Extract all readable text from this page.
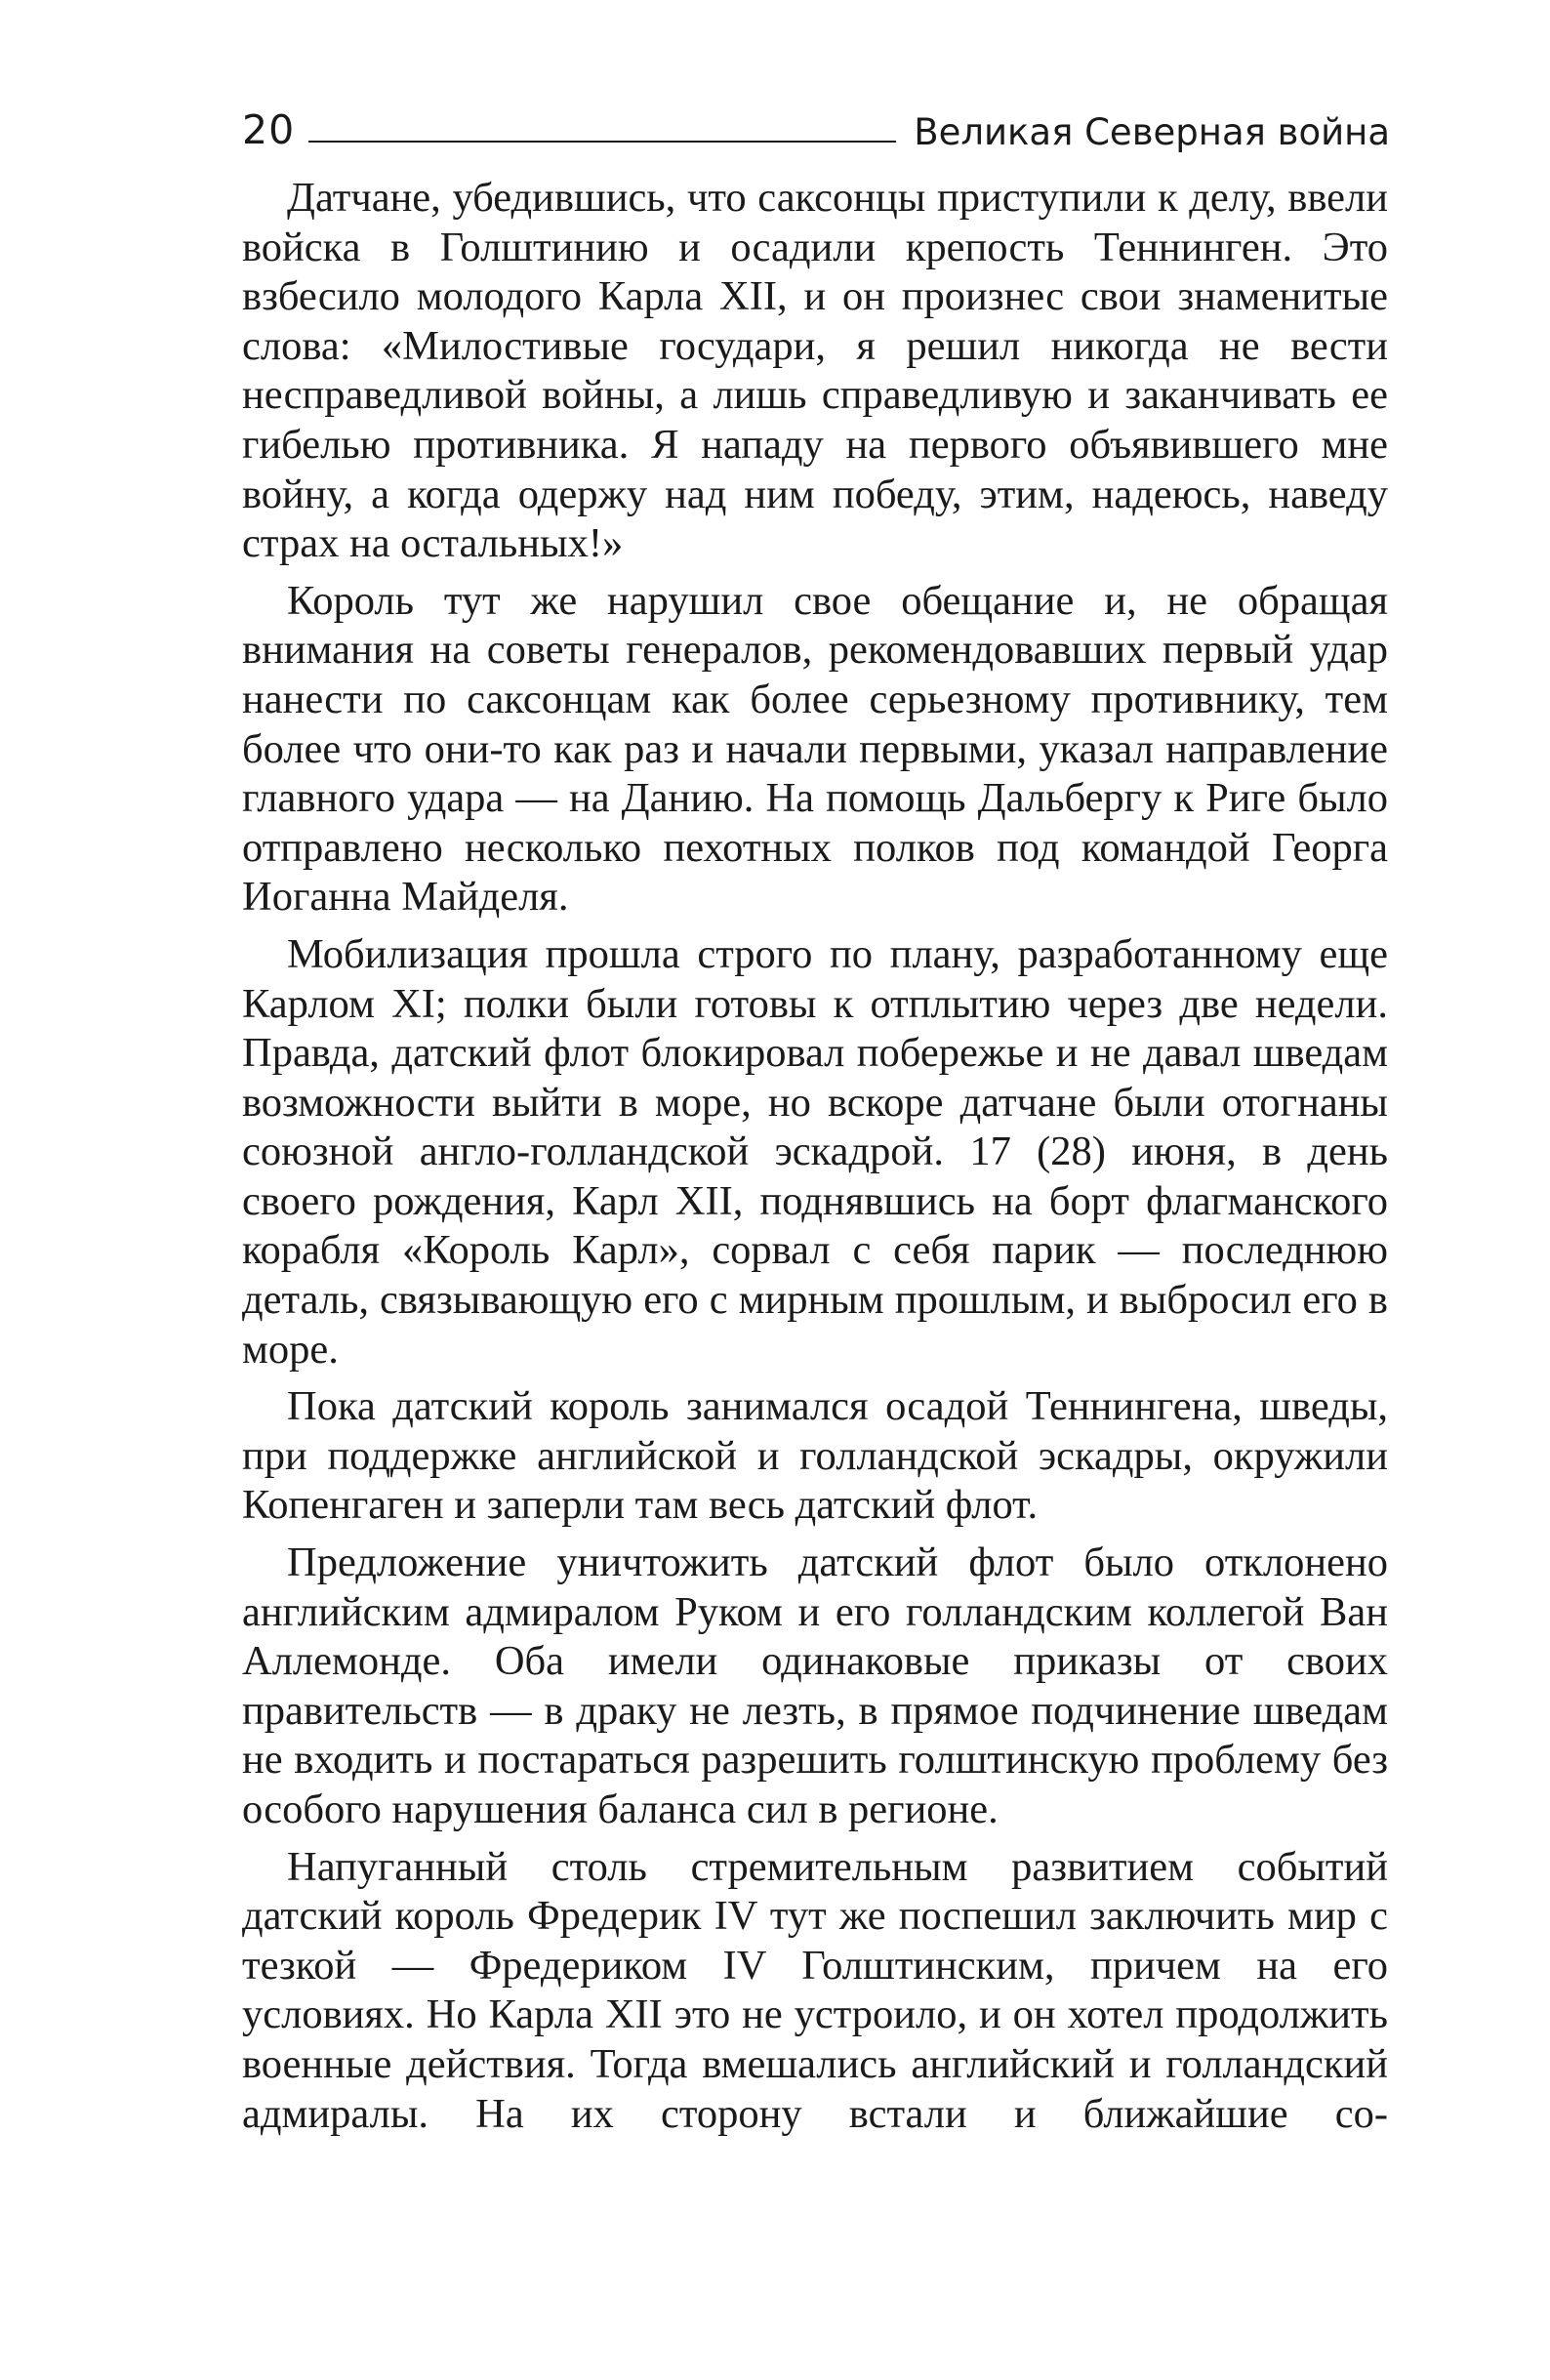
20	Великая Северная война

Датчане, убедившись, что саксонцы приступили к делу, ввели войска в Голштинию и осадили крепость Теннинген. Это взбесило молодого Карла XII, и он произнес свои знаменитые слова: «Милостивые государи, я решил никогда не вести несправедливой войны, а лишь справедливую и заканчивать ее гибелью противника. Я нападу на первого объявившего мне войну, а когда одержу над ним победу, этим, надеюсь, наведу страх на остальных!»

Король тут же нарушил свое обещание и, не обращая внимания на советы генералов, рекомендовавших первый удар нанести по саксонцам как более серьезному противнику, тем более что они-то как раз и начали первыми, указал направление главного удара — на Данию. На помощь Дальбергу к Риге было отправлено несколько пехотных полков под командой Георга Иоганна Майделя.

Мобилизация прошла строго по плану, разработанному еще Карлом XI; полки были готовы к отплытию через две недели. Правда, датский флот блокировал побережье и не давал шведам возможности выйти в море, но вскоре датчане были отогнаны союзной англо-голландской эскадрой. 17 (28) июня, в день своего рождения, Карл XII, поднявшись на борт флагманского корабля «Король Карл», сорвал с себя парик — последнюю деталь, связывающую его с мирным прошлым, и выбросил его в море.

Пока датский король занимался осадой Теннингена, шведы, при поддержке английской и голландской эскадры, окружили Копенгаген и заперли там весь датский флот.

Предложение уничтожить датский флот было отклонено английским адмиралом Руком и его голландским коллегой Ван Аллемонде. Оба имели одинаковые приказы от своих правительств — в драку не лезть, в прямое подчинение шведам не входить и постараться разрешить голштинскую проблему без особого нарушения баланса сил в регионе.

Напуганный столь стремительным развитием событий датский король Фредерик IV тут же поспешил заключить мир с тезкой — Фредериком IV Голштинским, причем на его условиях. Но Карла XII это не устроило, и он хотел продолжить военные действия. Тогда вмешались английский и голландский адмиралы. На их сторону встали и ближайшие со-
